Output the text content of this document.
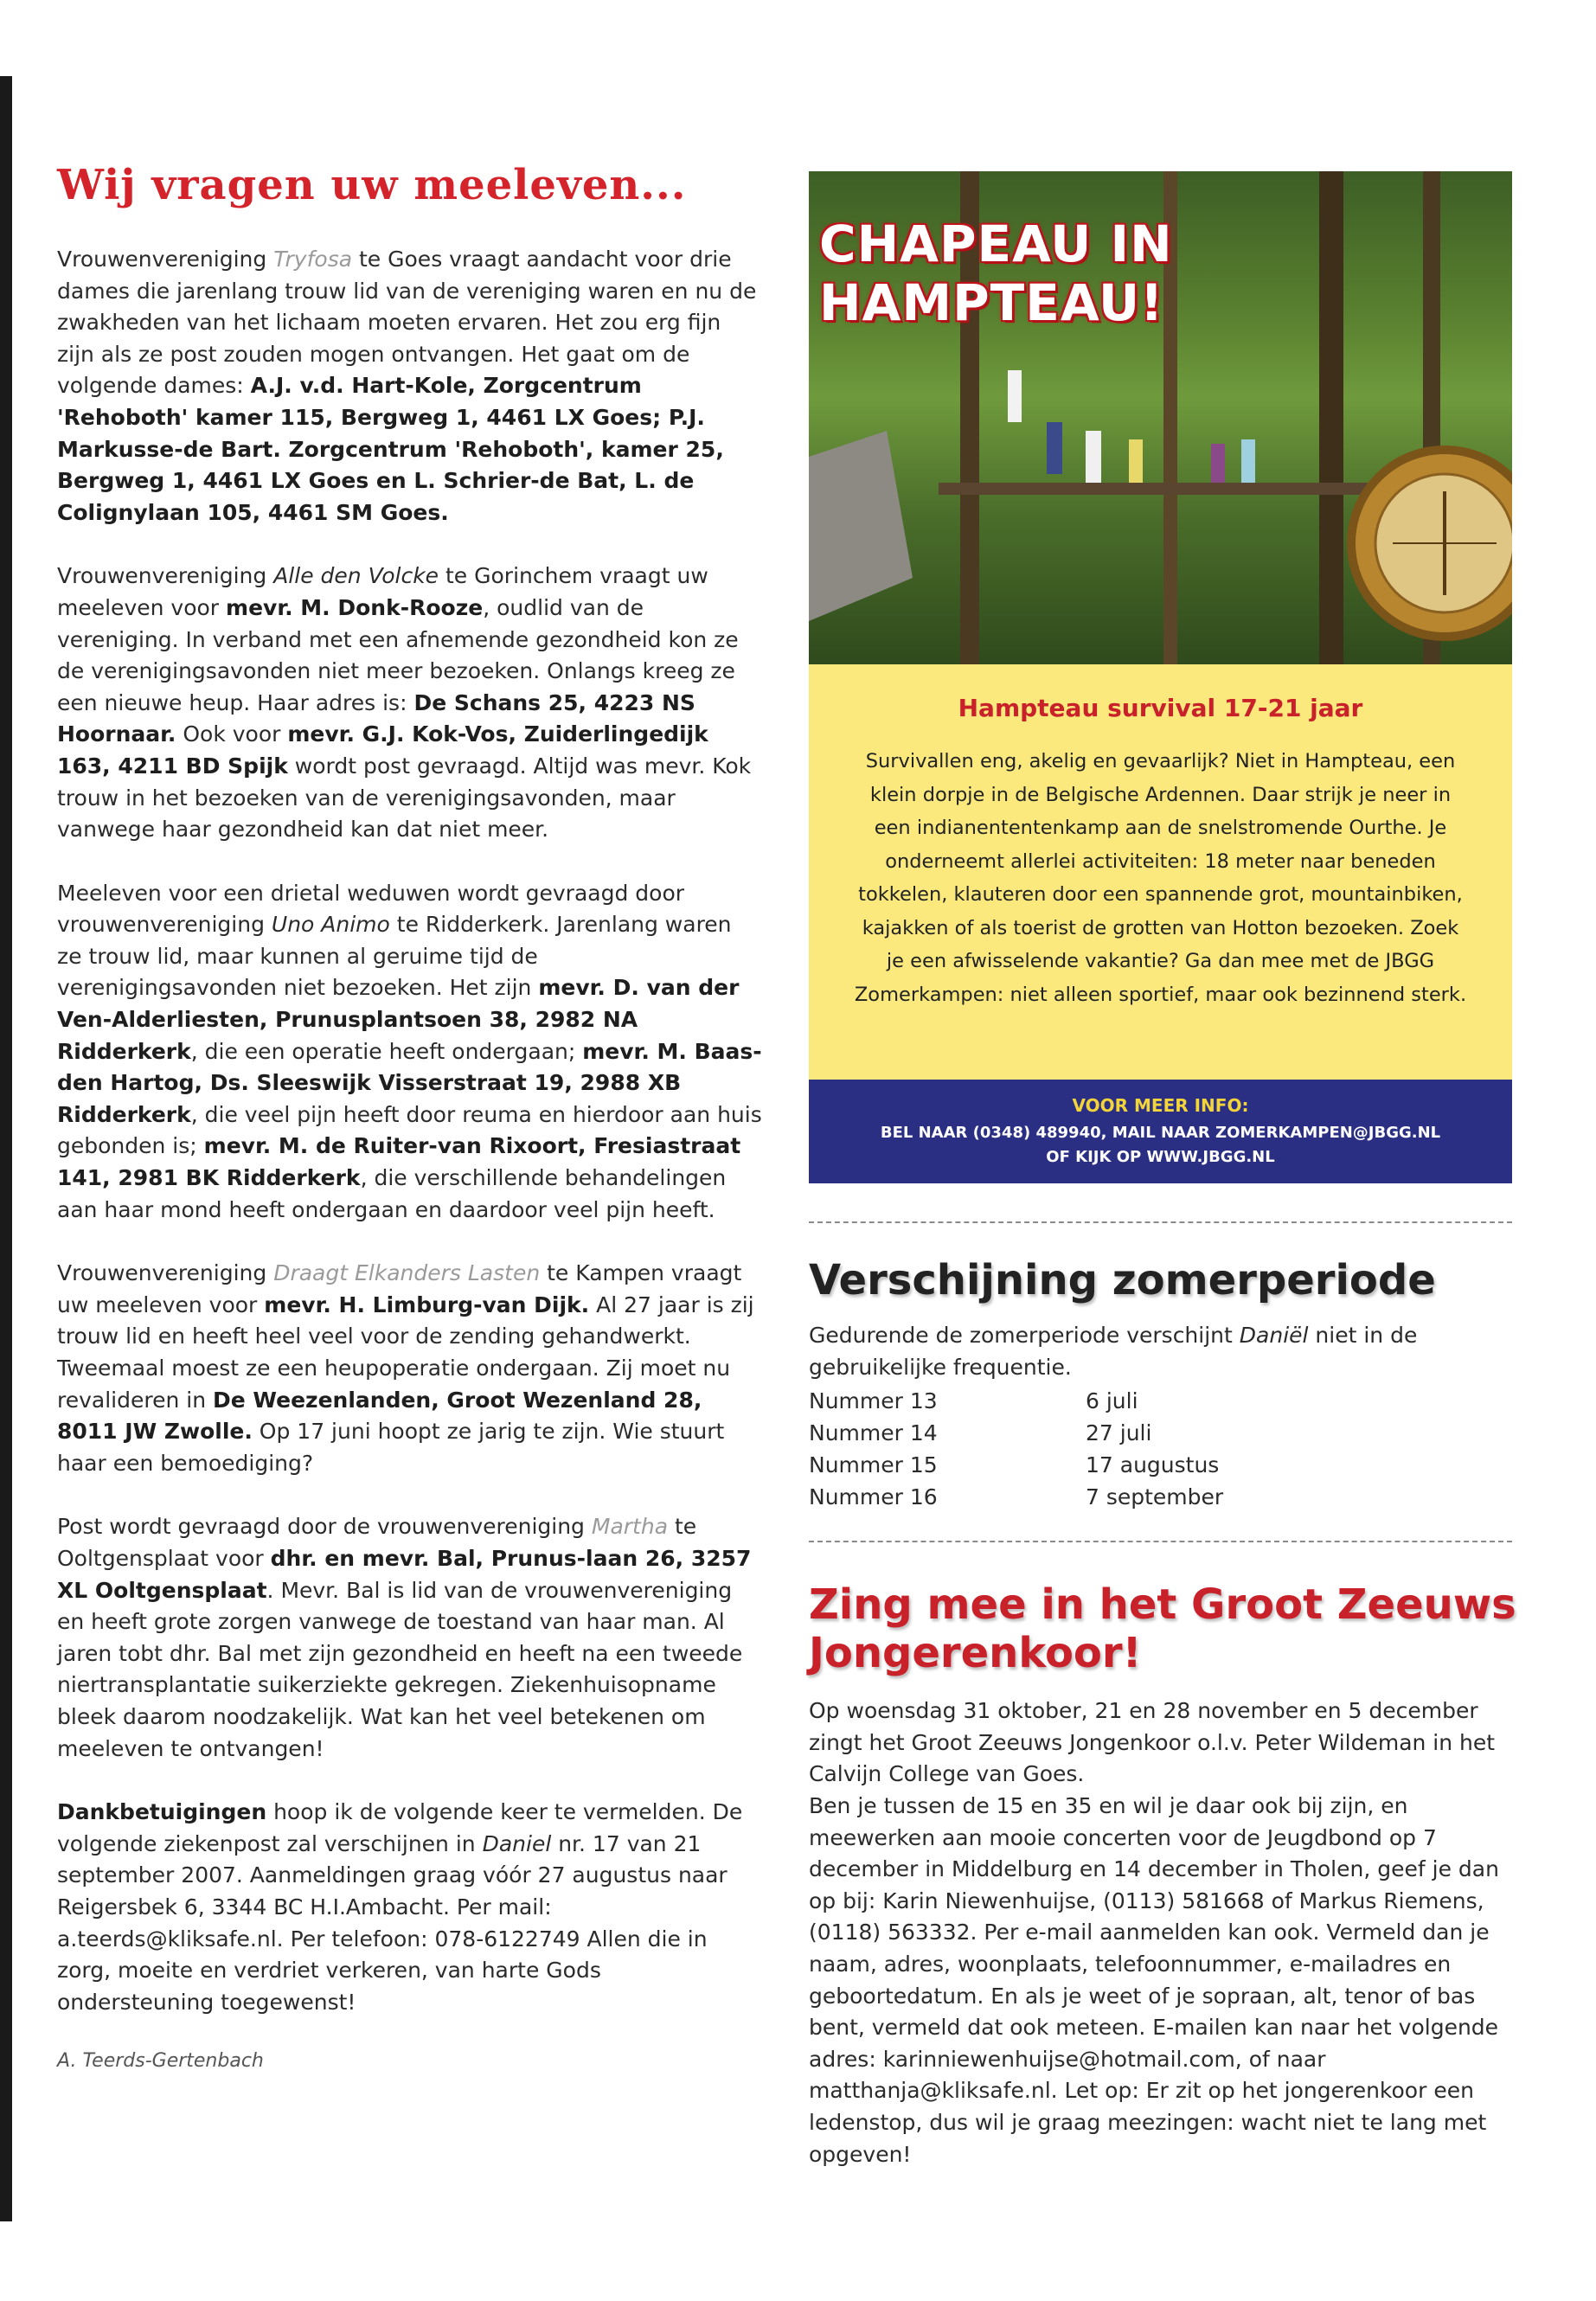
Wij vragen uw meeleven...

Vrouwenvereniging Tryfosa te Goes vraagt aandacht voor drie dames die jarenlang trouw lid van de vereniging waren en nu de zwakheden van het lichaam moeten ervaren. Het zou erg fijn zijn als ze post zouden mogen ontvangen. Het gaat om de volgende dames: A.J. v.d. Hart-Kole, Zorgcentrum 'Rehoboth' kamer 115, Bergweg 1, 4461 LX Goes; P.J. Markusse-de Bart. Zorgcentrum 'Rehoboth', kamer 25, Bergweg 1, 4461 LX Goes en L. Schrier-de Bat, L. de Colignylaan 105, 4461 SM Goes.

Vrouwenvereniging Alle den Volcke te Gorinchem vraagt uw meeleven voor mevr. M. Donk-Rooze, oudlid van de vereniging. In verband met een afnemende gezondheid kon ze de verenigingsavonden niet meer bezoeken. Onlangs kreeg ze een nieuwe heup. Haar adres is: De Schans 25, 4223 NS Hoornaar. Ook voor mevr. G.J. Kok-Vos, Zuiderlingedijk 163, 4211 BD Spijk wordt post gevraagd. Altijd was mevr. Kok trouw in het bezoeken van de verenigingsavonden, maar vanwege haar gezondheid kan dat niet meer.

Meeleven voor een drietal weduwen wordt gevraagd door vrouwenvereniging Uno Animo te Ridderkerk. Jarenlang waren ze trouw lid, maar kunnen al geruime tijd de verenigingsavonden niet bezoeken. Het zijn mevr. D. van der Ven-Alderliesten, Prunusplantsoen 38, 2982 NA Ridderkerk, die een operatie heeft ondergaan; mevr. M. Baas-den Hartog, Ds. Sleeswijk Visserstraat 19, 2988 XB Ridderkerk, die veel pijn heeft door reuma en hierdoor aan huis gebonden is; mevr. M. de Ruiter-van Rixoort, Fresiastraat 141, 2981 BK Ridderkerk, die verschillende behandelingen aan haar mond heeft ondergaan en daardoor veel pijn heeft.

Vrouwenvereniging Draagt Elkanders Lasten te Kampen vraagt uw meeleven voor mevr. H. Limburg-van Dijk. Al 27 jaar is zij trouw lid en heeft heel veel voor de zending gehandwerkt. Tweemaal moest ze een heupoperatie ondergaan. Zij moet nu revalideren in De Weezenlanden, Groot Wezenland 28, 8011 JW Zwolle. Op 17 juni hoopt ze jarig te zijn. Wie stuurt haar een bemoediging?

Post wordt gevraagd door de vrouwenvereniging Martha te Ooltgensplaat voor dhr. en mevr. Bal, Prunus-laan 26, 3257 XL Ooltgensplaat. Mevr. Bal is lid van de vrouwenvereniging en heeft grote zorgen vanwege de toestand van haar man. Al jaren tobt dhr. Bal met zijn gezondheid en heeft na een tweede niertransplantatie suikerziekte gekregen. Ziekenhuisopname bleek daarom noodzakelijk. Wat kan het veel betekenen om meeleven te ontvangen!

Dankbetuigingen hoop ik de volgende keer te vermelden. De volgende ziekenpost zal verschijnen in Daniel nr. 17 van 21 september 2007. Aanmeldingen graag vóór 27 augustus naar Reigersbek 6, 3344 BC H.I.Ambacht. Per mail: a.teerds@kliksafe.nl. Per telefoon: 078-6122749 Allen die in zorg, moeite en verdriet verkeren, van harte Gods ondersteuning toegewenst!

A. Teerds-Gertenbach
CHAPEAU IN HAMPTEAU!
Hampteau survival 17-21 jaar

Survivallen eng, akelig en gevaarlijk? Niet in Hampteau, een klein dorpje in de Belgische Ardennen. Daar strijk je neer in een indianententenkamp aan de snelstromende Ourthe. Je onderneemt allerlei activiteiten: 18 meter naar beneden tokkelen, klauteren door een spannende grot, mountainbiken, kajakken of als toerist de grotten van Hotton bezoeken. Zoek je een afwisselende vakantie? Ga dan mee met de JBGG Zomerkampen: niet alleen sportief, maar ook bezinnend sterk.

VOOR MEER INFO:
BEL NAAR (0348) 489940, MAIL NAAR ZOMERKAMPEN@JBGG.NL
OF KIJK OP WWW.JBGG.NL
Verschijning zomerperiode

Gedurende de zomerperiode verschijnt Daniël niet in de gebruikelijke frequentie.

Nummer 13	6 juli
Nummer 14	27 juli
Nummer 15	17 augustus
Nummer 16	7 september
Zing mee in het Groot Zeeuws
Jongerenkoor!

Op woensdag 31 oktober, 21 en 28 november en 5 december zingt het Groot Zeeuws Jongenkoor o.l.v. Peter Wildeman in het Calvijn College van Goes.

Ben je tussen de 15 en 35 en wil je daar ook bij zijn, en meewerken aan mooie concerten voor de Jeugdbond op 7 december in Middelburg en 14 december in Tholen, geef je dan op bij: Karin Niewenhuijse, (0113) 581668 of Markus Riemens, (0118) 563332. Per e-mail aanmelden kan ook. Vermeld dan je naam, adres, woonplaats, telefoonnummer, e-mailadres en geboortedatum. En als je weet of je sopraan, alt, tenor of bas bent, vermeld dat ook meteen. E-mailen kan naar het volgende adres: karinniewenhuijse@hotmail.com, of naar matthanja@kliksafe.nl. Let op: Er zit op het jongerenkoor een ledenstop, dus wil je graag meezingen: wacht niet te lang met opgeven!
